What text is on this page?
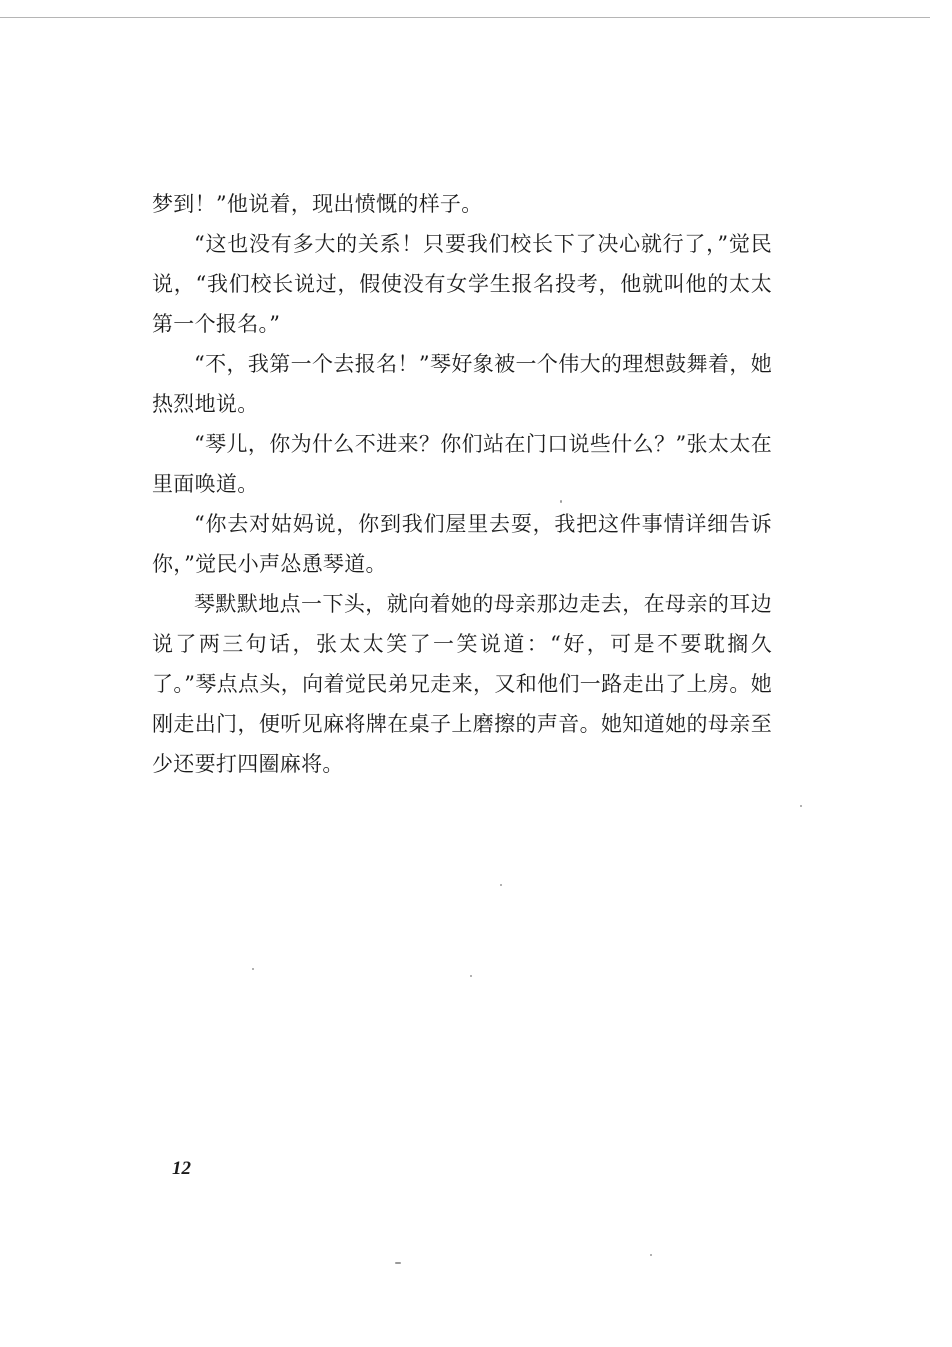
梦到！”他说着，现出愤慨的样子。

“这也没有多大的关系！只要我们校长下了决心就行了，”觉民说，“我们校长说过，假使没有女学生报名投考，他就叫他的太太第一个报名。”

“不，我第一个去报名！”琴好象被一个伟大的理想鼓舞着，她热烈地说。

“琴儿，你为什么不进来？你们站在门口说些什么？”张太太在里面唤道。

“你去对姑妈说，你到我们屋里去耍，我把这件事情详细告诉你，”觉民小声怂恿琴道。

琴默默地点一下头，就向着她的母亲那边走去，在母亲的耳边说了两三句话，张太太笑了一笑说道：“好，可是不要耽搁久了。”琴点点头，向着觉民弟兄走来，又和他们一路走出了上房。她刚走出门，便听见麻将牌在桌子上磨擦的声音。她知道她的母亲至少还要打四圈麻将。

12
